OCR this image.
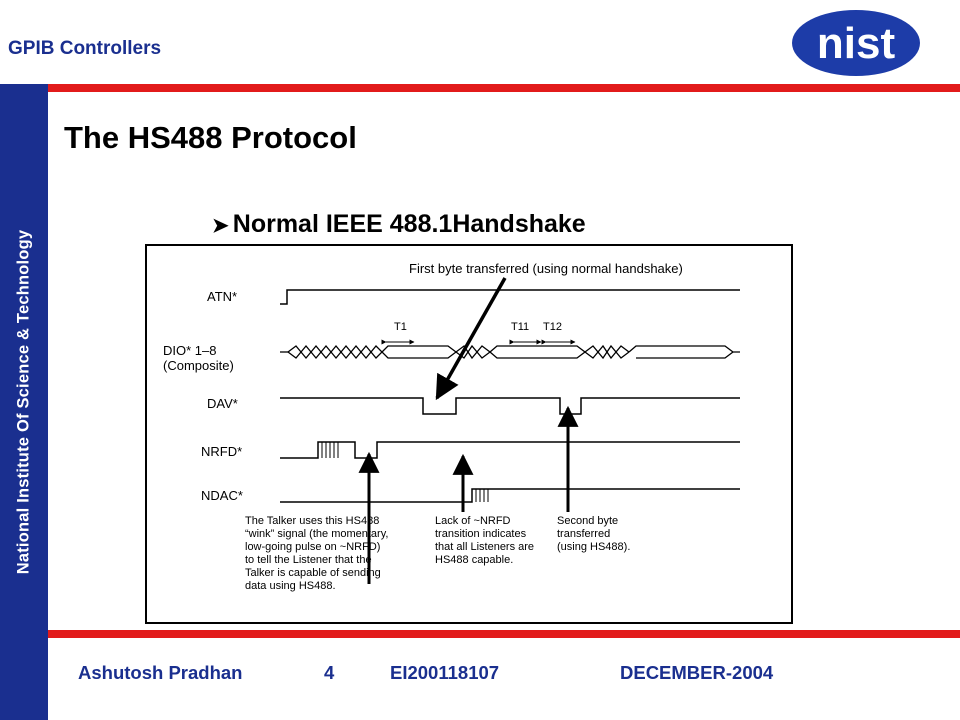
GPIB Controllers	nist
National Institute Of Science & Technology
The HS488 Protocol
➤ Normal IEEE 488.1Handshake
ATN*
DIO* 1–8
(Composite)
DAV*
NRFD*
NDAC*
T1	T11 T12
First byte transferred (using normal handshake)
The Talker uses this HS488
“wink” signal (the momentary,
low-going pulse on ~NRFD)
to tell the Listener that the
Talker is capable of sending
data using HS488.
Lack of ~NRFD
transition indicates
that all Listeners are
HS488 capable.
Second byte
transferred
(using HS488).
Ashutosh Pradhan	4	EI200118107	DECEMBER-2004
